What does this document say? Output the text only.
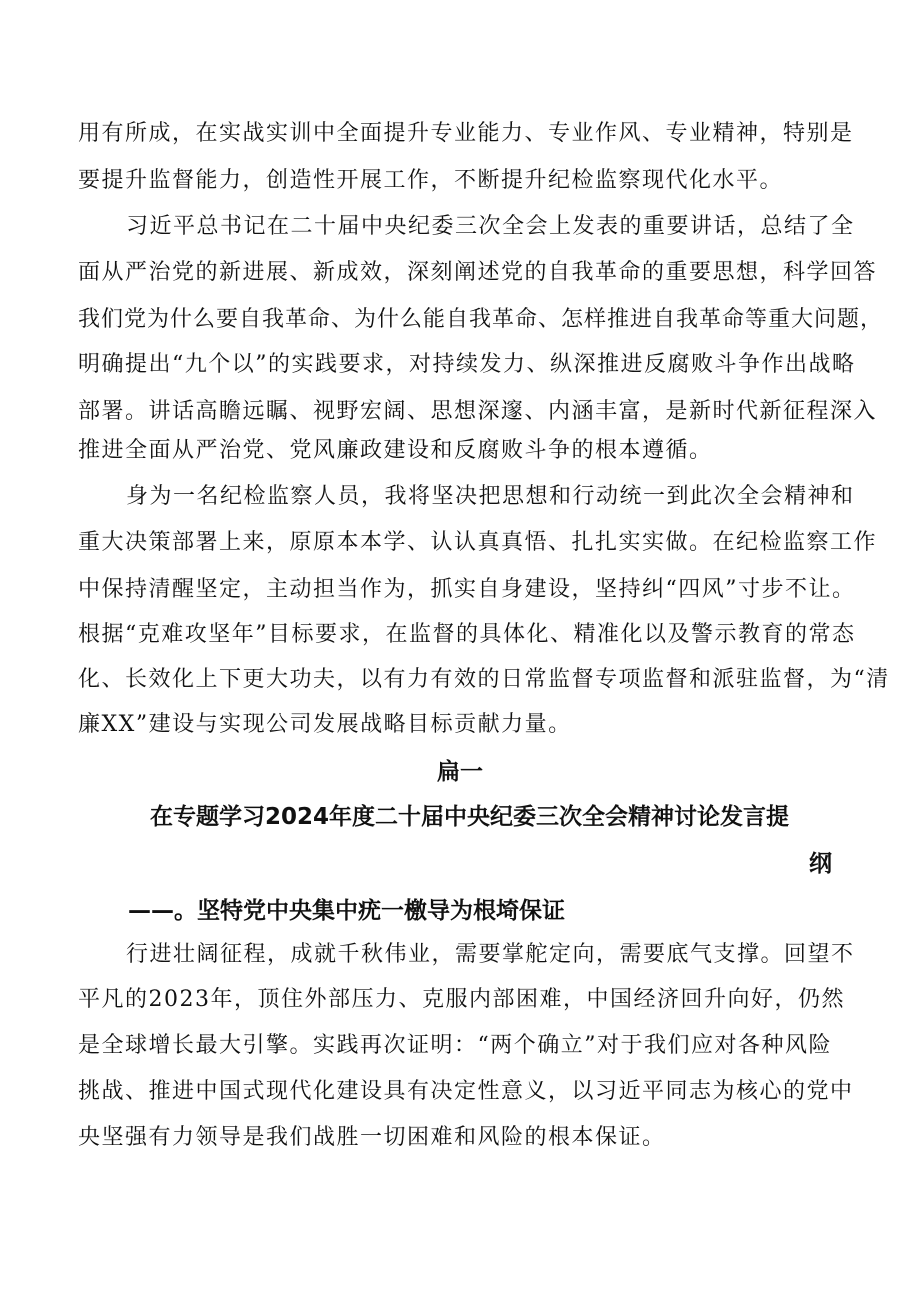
用有所成，在实战实训中全面提升专业能力、专业作风、专业精神，特别是
要提升监督能力，创造性开展工作，不断提升纪检监察现代化水平。
习近平总书记在二十届中央纪委三次全会上发表的重要讲话，总结了全
面从严治党的新进展、新成效，深刻阐述党的自我革命的重要思想，科学回答
我们党为什么要自我革命、为什么能自我革命、怎样推进自我革命等重大问题，
明确提出“九个以”的实践要求，对持续发力、纵深推进反腐败斗争作出战略
部署。讲话高瞻远瞩、视野宏阔、思想深邃、内涵丰富，是新时代新征程深入
推进全面从严治党、党风廉政建设和反腐败斗争的根本遵循。
身为一名纪检监察人员，我将坚决把思想和行动统一到此次全会精神和
重大决策部署上来，原原本本学、认认真真悟、扎扎实实做。在纪检监察工作
中保持清醒坚定，主动担当作为，抓实自身建设，坚持纠“四风”寸步不让。
根据“克难攻坚年”目标要求，在监督的具体化、精准化以及警示教育的常态
化、长效化上下更大功夫，以有力有效的日常监督专项监督和派驻监督，为“清
廉XX”建设与实现公司发展战略目标贡献力量。
扁一
在专题学习2024年度二十届中央纪委三次全会精神讨论发言提
纲
——。坚特党中央集中疣一檄导为根埼保证
行进壮阔征程，成就千秋伟业，需要掌舵定向，需要底气支撑。回望不
平凡的2023年，顶住外部压力、克服内部困难，中国经济回升向好，仍然
是全球增长最大引擎。实践再次证明：“两个确立”对于我们应对各种风险
挑战、推进中国式现代化建设具有决定性意义，以习近平同志为核心的党中
央坚强有力领导是我们战胜一切困难和风险的根本保证。
